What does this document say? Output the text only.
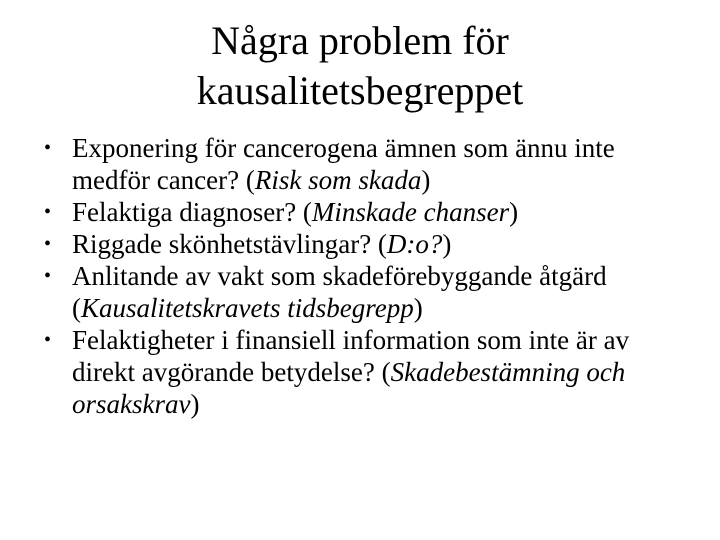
Några problem för
kausalitetsbegreppet
• Exponering för cancerogena ämnen som ännu inte medför cancer? (Risk som skada)
• Felaktiga diagnoser? (Minskade chanser)
• Riggade skönhetstävlingar? (D:o?)
• Anlitande av vakt som skadeförebyggande åtgärd (Kausalitetskravets tidsbegrepp)
• Felaktigheter i finansiell information som inte är av direkt avgörande betydelse? (Skadebestämning och orsakskrav)
